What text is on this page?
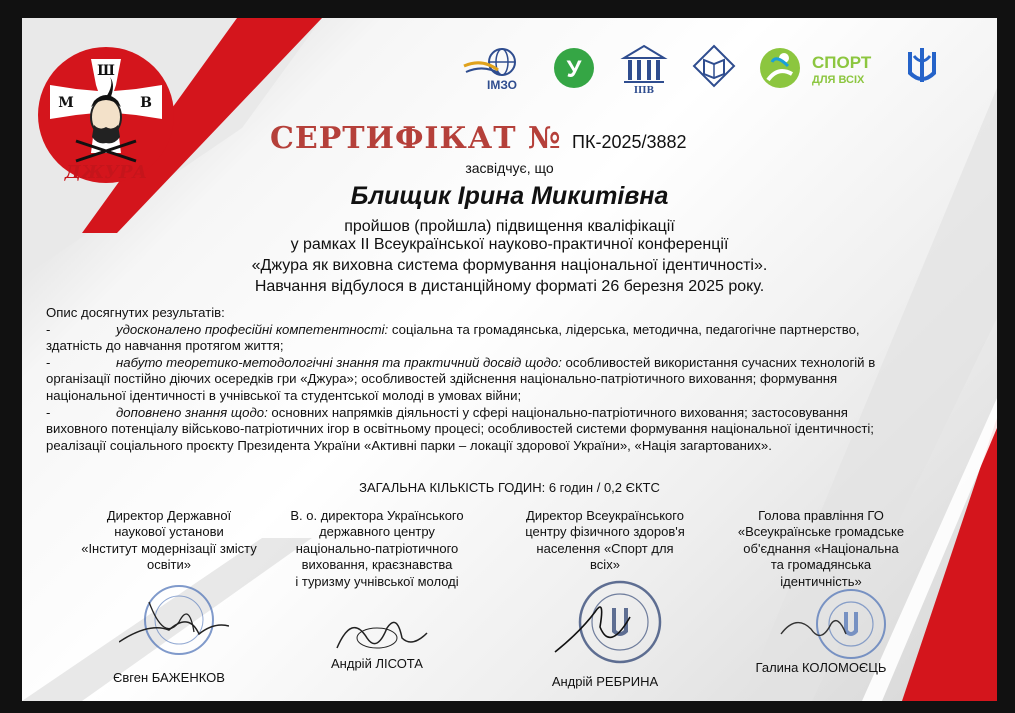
Ш
М	В
ДЖУРА
ІМЗО
У
ІПВ
СПОРТ
ДЛЯ ВСІХ
СЕРТИФІКАТ № ПК-2025/3882
засвідчує, що
Блищик Ірина Микитівна
пройшов (пройшла) підвищення кваліфікації
у рамках ІІ Всеукраїнської науково-практичної конференції
«Джура як виховна система формування національної ідентичності».
Навчання відбулося в дистанційному форматі 26 березня 2025 року.

Опис досягнутих результатів:

-	удосконалено професійні компетентності: соціальна та громадянська, лідерська, методична, педагогічне партнерство,

здатність до навчання протягом життя;

-	набуто теоретико-методологічні знання та практичний досвід щодо: особливостей використання сучасних технологій в

організації постійно діючих осередків гри «Джура»; особливостей здійснення національно-патріотичного виховання; формування

національної ідентичності в учнівської та студентської молоді в умовах війни;

-	доповнено знання щодо: основних напрямків діяльності у сфері національно-патріотичного виховання; застосовування

виховного потенціалу військово-патріотичних ігор в освітньому процесі; особливостей системи формування національної ідентичності;

реалізації соціального проєкту Президента України «Активні парки – локації здорової України», «Нація загартованих».

ЗАГАЛЬНА КІЛЬКІСТЬ ГОДИН: 6 годин / 0,2 ЄКТС
Директор Державної
наукової установи
«Інститут модернізації змісту
освіти»
Євген БАЖЕНКОВ
В. о. директора Українського
державного центру
національно-патріотичного
виховання, краєзнавства
і туризму учнівської молоді
Андрій ЛІСОТА
Директор Всеукраїнського
центру фізичного здоров'я
населення «Спорт для
всіх»
Андрій РЕБРИНА
Голова правління ГО
«Всеукраїнське громадське
об'єднання «Національна
та громадянська
ідентичність»
Галина КОЛОМОЄЦЬ
